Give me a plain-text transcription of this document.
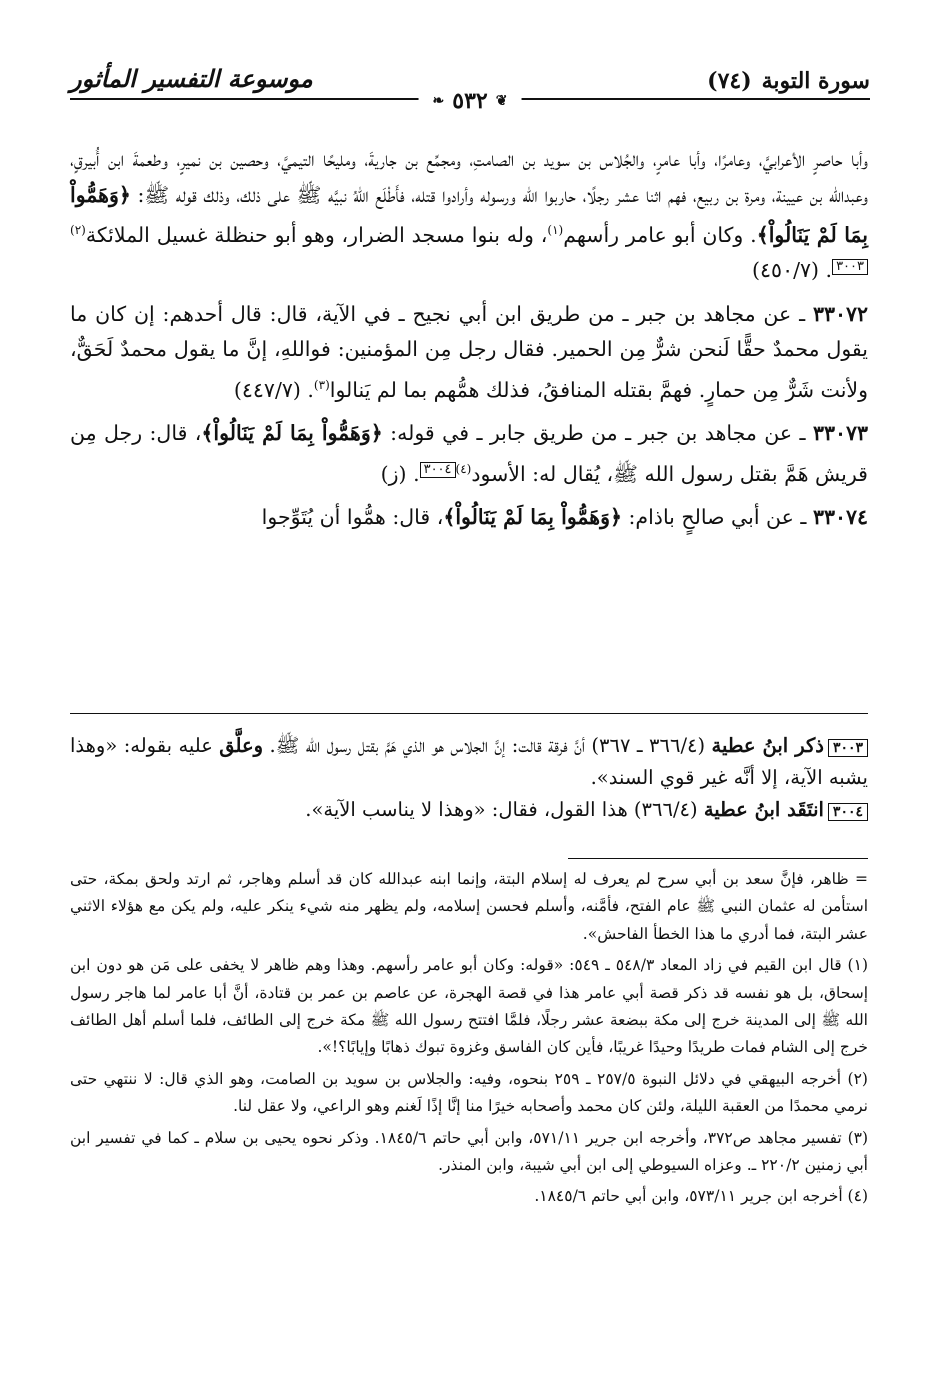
سورة التوبة
(٧٤)
موسوعة التفسير المأثور
❦
٥٣٢
❧

وأبا حاصرٍ الأعرابيَّ، وعامرًا، وأبا عامرٍ، والجُلاس بن سويد بن الصامتِ، ومجمِّع بن جاريةَ، ومليحًا التيميَّ، وحصين بن نميرٍ، وطعمةَ ابن أُبيرقٍ، وعبدالله بن عيينة، ومرة بن ربيع، فهم اثنا عشر رجلًا، حاربوا الله ورسوله وأرادوا قتله، فأَطْلَع اللهُ نبيَّه ﷺ على ذلك، وذلك قوله ﷺ: ﴿وَهَمُّواْ بِمَا لَمْ يَنَالُواْ﴾. وكان أبو عامر رأسهم$^{(١)}$، وله بنوا مسجد الضرار، وهو أبو حنظلة غسيل الملائكة$^{(٢)}$٣٠٠٣. (٧/‏٤٥٠)

٣٣٠٧٢ ـ عن مجاهد بن جبر ـ من طريق ابن أبي نجيح ـ في الآية، قال: قال أحدهم: إن كان ما يقول محمدٌ حقًّا لَنحن شرٌّ مِن الحمير. فقال رجل مِن المؤمنين: فواللهِ، إنَّ ما يقول محمدٌ لَحَقٌّ، ولأنت شَرٌّ مِن حمارٍ. فهمَّ بقتله المنافقُ، فذلك همُّهم بما لم يَنالوا$^{(٣)}$. (٧/‏٤٤٧)

٣٣٠٧٣ ـ عن مجاهد بن جبر ـ من طريق جابر ـ في قوله: ﴿وَهَمُّواْ بِمَا لَمْ يَنَالُواْ﴾، قال: رجل مِن قريش هَمَّ بقتل رسول الله ﷺ، يُقال له: الأسود$^{(٤)}$٣٠٠٤. (ز)

٣٣٠٧٤ ـ عن أبي صالحٍ باذام: ﴿وَهَمُّواْ بِمَا لَمْ يَنَالُواْ﴾، قال: همُّوا أن يُتَوِّجوا

٣٠٠٣ذكر ابنُ عطية (٤/‏٣٦٦ ـ ٣٦٧) أنَّ فرقة قالت: إنَّ الجلاس هو الذي هَمَّ بقتل رسول الله ﷺ. وعلَّق عليه بقوله: «وهذا يشبه الآية، إلا أنَّه غير قوي السند».

٣٠٠٤انتَقَد ابنُ عطية (٤/‏٣٦٦) هذا القول، فقال: «وهذا لا يناسب الآية».

= ظاهر، فإنَّ سعد بن أبي سرح لم يعرف له إسلام البتة، وإنما ابنه عبدالله كان قد أسلم وهاجر، ثم ارتد ولحق بمكة، حتى استأمن له عثمان النبي ﷺ عام الفتح، فأمَّنه، وأسلم فحسن إسلامه، ولم يظهر منه شيء ينكر عليه، ولم يكن مع هؤلاء الاثني عشر البتة، فما أدري ما هذا الخطأ الفاحش».

(١) قال ابن القيم في زاد المعاد ٣/‏٥٤٨ ـ ٥٤٩: «قوله: وكان أبو عامر رأسهم. وهذا وهم ظاهر لا يخفى على مَن هو دون ابن إسحاق، بل هو نفسه قد ذكر قصة أبي عامر هذا في قصة الهجرة، عن عاصم بن عمر بن قتادة، أنَّ أبا عامر لما هاجر رسول الله ﷺ إلى المدينة خرج إلى مكة ببضعة عشر رجلًا، فلمَّا افتتح رسول الله ﷺ مكة خرج إلى الطائف، فلما أسلم أهل الطائف خرج إلى الشام فمات طريدًا وحيدًا غريبًا، فأين كان الفاسق وغزوة تبوك ذهابًا وإيابًا؟!».

(٢) أخرجه البيهقي في دلائل النبوة ٥/‏٢٥٧ ـ ٢٥٩ بنحوه، وفيه: والجلاس بن سويد بن الصامت، وهو الذي قال: لا ننتهي حتى نرمي محمدًا من العقبة الليلة، ولئن كان محمد وأصحابه خيرًا منا إنَّا إذًا لَغنم وهو الراعي، ولا عقل لنا.

(٣) تفسير مجاهد ص٣٧٢، وأخرجه ابن جرير ١١/‏٥٧١، وابن أبي حاتم ٦/‏١٨٤٥. وذكر نحوه يحيى بن سلام ـ كما في تفسير ابن أبي زمنين ٢/‏٢٢٠ ـ. وعزاه السيوطي إلى ابن أبي شيبة، وابن المنذر.

(٤) أخرجه ابن جرير ١١/‏٥٧٣، وابن أبي حاتم ٦/‏١٨٤٥.
